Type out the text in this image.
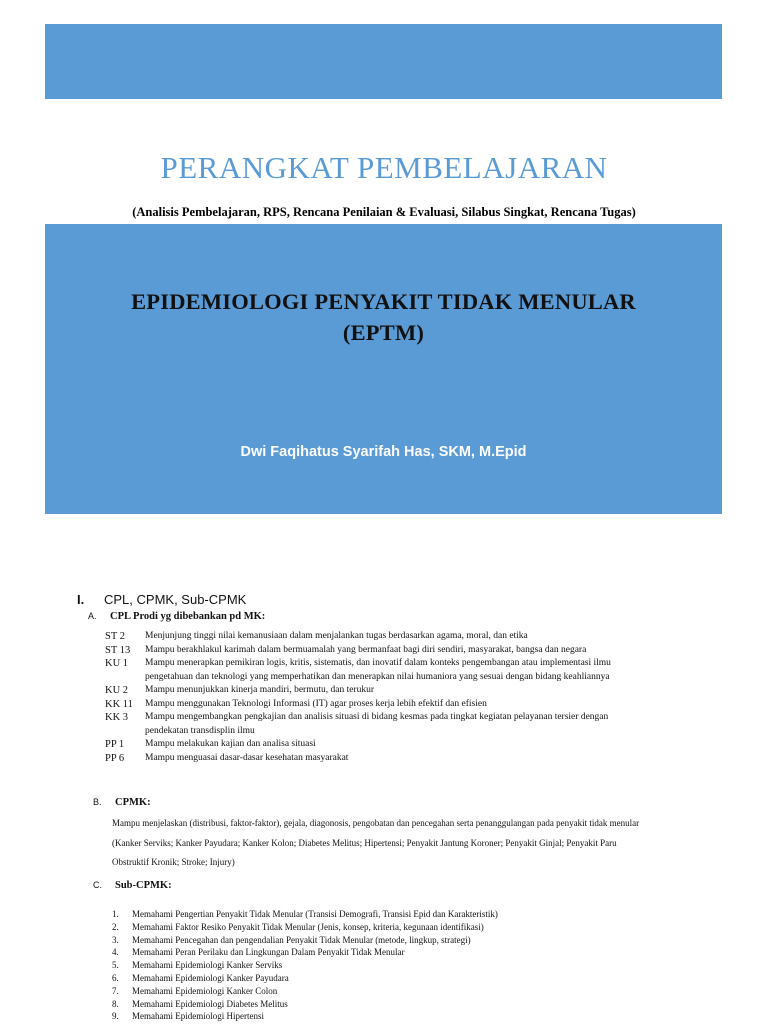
PERANGKAT PEMBELAJARAN
(Analisis Pembelajaran, RPS, Rencana Penilaian & Evaluasi, Silabus Singkat, Rencana Tugas)
EPIDEMIOLOGI PENYAKIT TIDAK MENULAR
(EPTM)
Dwi Faqihatus Syarifah Has, SKM, M.Epid
I. CPL, CPMK, Sub-CPMK
A. CPL Prodi yg dibebankan pd MK:
ST 2	Menjunjung tinggi nilai kemanusiaan dalam menjalankan tugas berdasarkan agama, moral, dan etika
ST 13	Mampu berakhlakul karimah dalam bermuamalah yang bermanfaat bagi diri sendiri, masyarakat, bangsa dan negara
KU 1	Mampu menerapkan pemikiran logis, kritis, sistematis, dan inovatif dalam konteks pengembangan atau implementasi ilmu
pengetahuan dan teknologi yang memperhatikan dan menerapkan nilai humaniora yang sesuai dengan bidang keahliannya
KU 2	Mampu menunjukkan kinerja mandiri, bermutu, dan terukur
KK 11	Mampu menggunakan Teknologi Informasi (IT) agar proses kerja lebih efektif dan efisien
KK 3	Mampu mengembangkan pengkajian dan analisis situasi di bidang kesmas pada tingkat kegiatan pelayanan tersier dengan
pendekatan transdisplin ilmu
PP 1	Mampu melakukan kajian dan analisa situasi
PP 6	Mampu menguasai dasar-dasar kesehatan masyarakat
B. CPMK:
Mampu menjelaskan (distribusi, faktor-faktor), gejala, diagonosis, pengobatan dan pencegahan serta penanggulangan pada penyakit tidak menular
(Kanker Serviks; Kanker Payudara; Kanker Kolon; Diabetes Melitus; Hipertensi; Penyakit Jantung Koroner; Penyakit Ginjal; Penyakit Paru
Obstruktif Kronik; Stroke; Injury)
C. Sub-CPMK:
1.	Memahami Pengertian Penyakit Tidak Menular (Transisi Demografi, Transisi Epid dan Karakteristik)
2.	Memahami Faktor Resiko Penyakit Tidak Menular (Jenis, konsep, kriteria, kegunaan identifikasi)
3.	Memahami Pencegahan dan pengendalian Penyakit Tidak Menular (metode, lingkup, strategi)
4.	Memahami Peran Perilaku dan Lingkungan Dalam Penyakit Tidak Menular
5.	Memahami Epidemiologi Kanker Serviks
6.	Memahami Epidemiologi Kanker Payudara
7.	Memahami Epidemiologi Kanker Colon
8.	Memahami Epidemiologi Diabetes Melitus
9.	Memahami Epidemiologi Hipertensi
